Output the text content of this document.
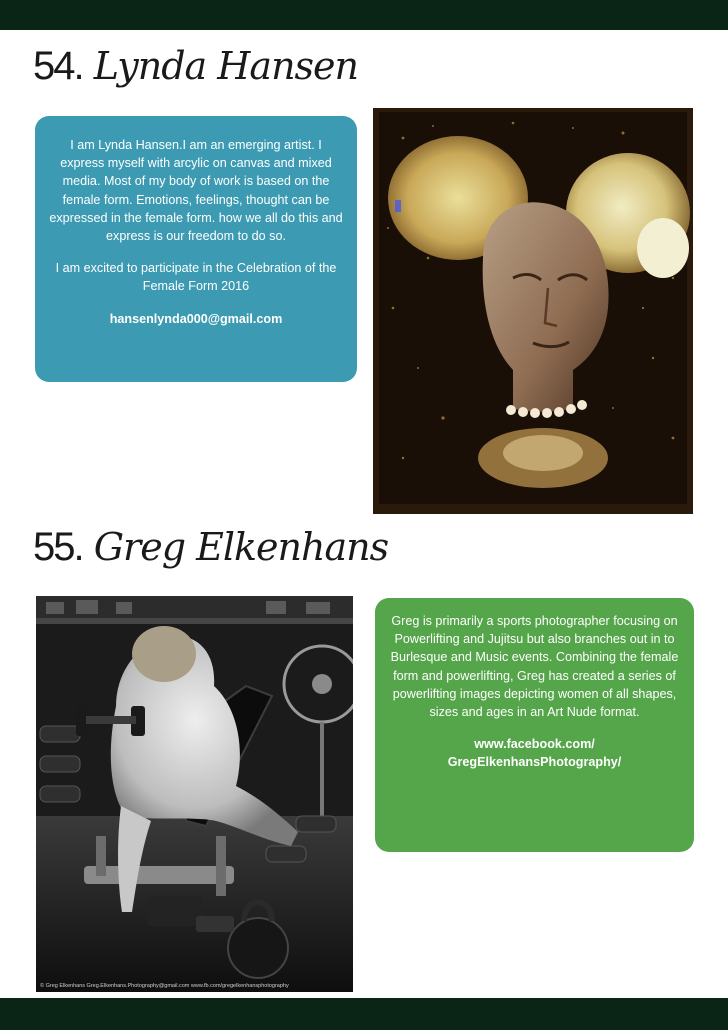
54. Lynda Hansen

I am Lynda Hansen.I am an emerging artist. I express myself with arcylic on canvas and mixed media. Most of my body of work is based on the female form. Emotions, feelings, thought can be expressed in the female form. how we all do this and express is our freedom to do so.

I am excited to participate in the Celebration of the Female Form 2016

hansenlynda000@gmail.com

55. Greg Elkenhans
© Greg Elkenhans Greg.Elkenhans.Photography@gmail.com www.fb.com/gregelkenhansphotography

Greg is primarily a sports photographer focusing on Powerlifting and Jujitsu but also branches out in to Burlesque and Music events. Combining the female form and powerlifting, Greg has created a series of powerlifting images depicting women of all shapes, sizes and ages in an Art Nude format.

www.facebook.com/

GregElkenhansPhotography/
